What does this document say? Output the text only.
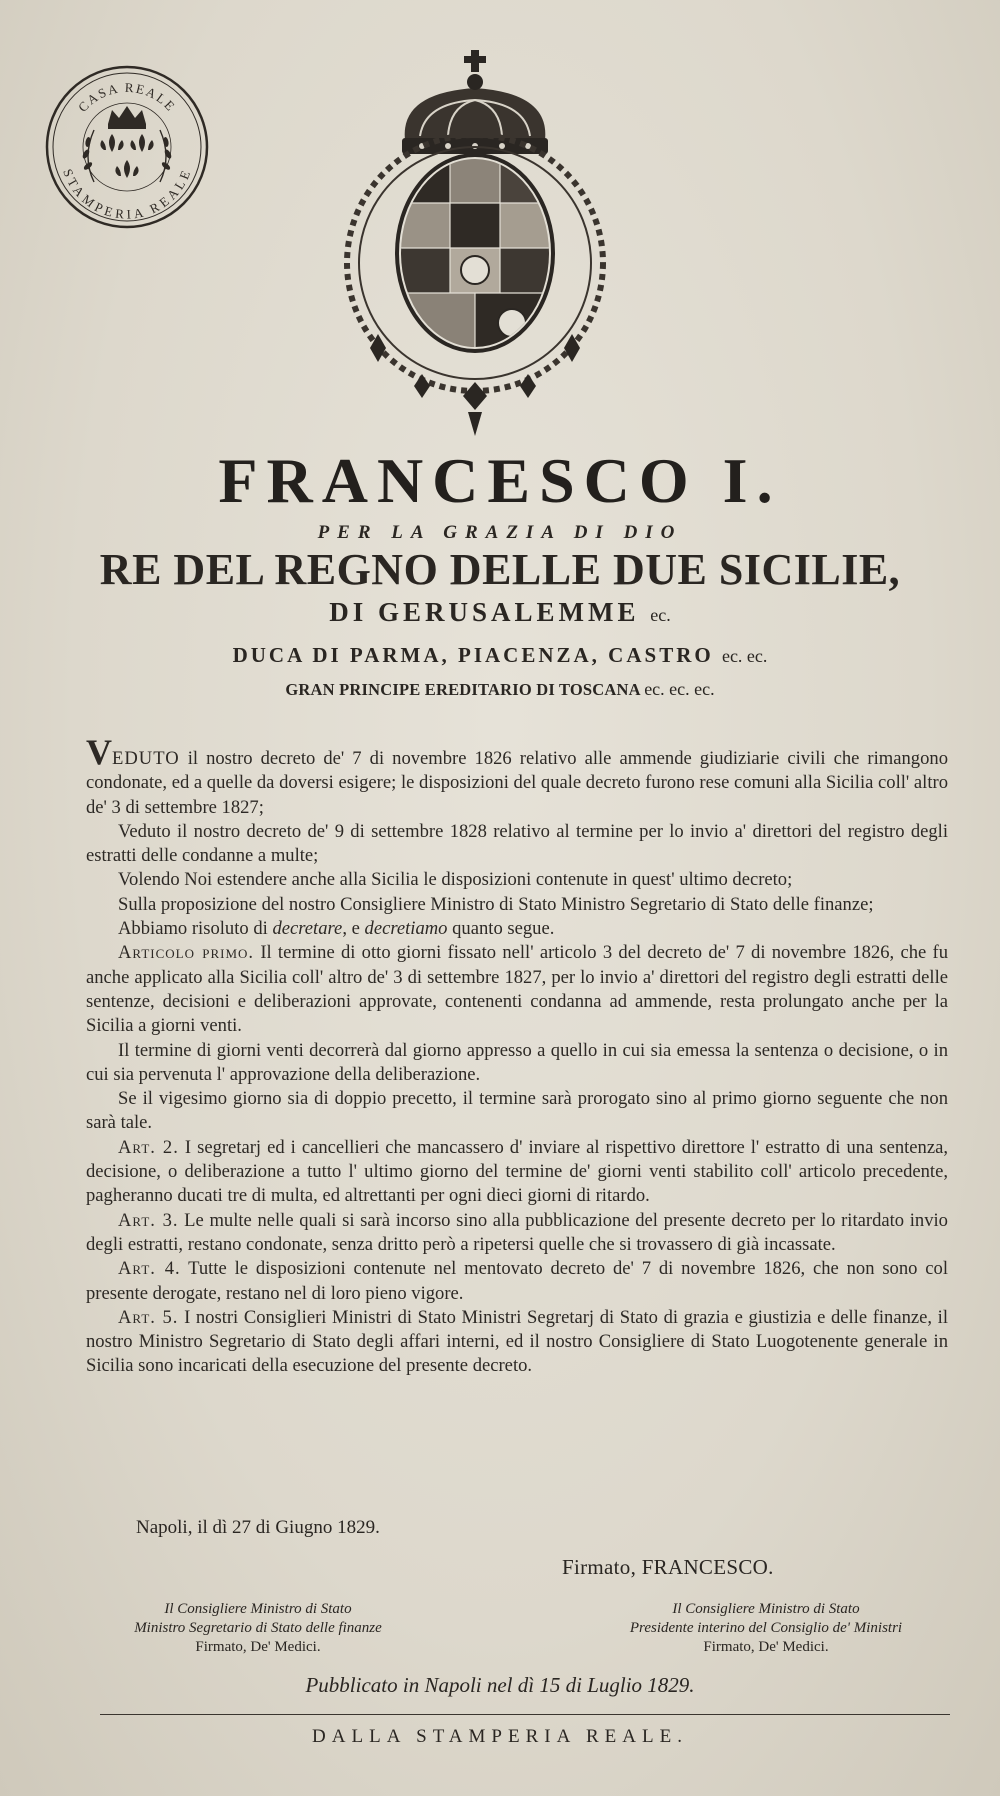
CASA REALE
STAMPERIA REALE
FRANCESCO I.
PER LA GRAZIA DI DIO
RE DEL REGNO DELLE DUE SICILIE,
DI GERUSALEMME ec.
DUCA DI PARMA, PIACENZA, CASTRO ec. ec.
GRAN PRINCIPE EREDITARIO DI TOSCANA ec. ec. ec.

VEDUTO il nostro decreto de' 7 di novembre 1826 relativo alle ammende giudiziarie civili che rimangono condonate, ed a quelle da doversi esigere; le disposizioni del quale decreto furono rese comuni alla Sicilia coll' altro de' 3 di settembre 1827;

Veduto il nostro decreto de' 9 di settembre 1828 relativo al termine per lo invio a' direttori del registro degli estratti delle condanne a multe;

Volendo Noi estendere anche alla Sicilia le disposizioni contenute in quest' ultimo decreto;

Sulla proposizione del nostro Consigliere Ministro di Stato Ministro Segretario di Stato delle finanze;

Abbiamo risoluto di decretare, e decretiamo quanto segue.

Articolo primo. Il termine di otto giorni fissato nell' articolo 3 del decreto de' 7 di novembre 1826, che fu anche applicato alla Sicilia coll' altro de' 3 di settembre 1827, per lo invio a' direttori del registro degli estratti delle sentenze, decisioni e deliberazioni approvate, contenenti condanna ad ammende, resta prolungato anche per la Sicilia a giorni venti.

Il termine di giorni venti decorrerà dal giorno appresso a quello in cui sia emessa la sentenza o decisione, o in cui sia pervenuta l' approvazione della deliberazione.

Se il vigesimo giorno sia di doppio precetto, il termine sarà prorogato sino al primo giorno seguente che non sarà tale.

Art. 2. I segretarj ed i cancellieri che mancassero d' inviare al rispettivo direttore l' estratto di una sentenza, decisione, o deliberazione a tutto l' ultimo giorno del termine de' giorni venti stabilito coll' articolo precedente, pagheranno ducati tre di multa, ed altrettanti per ogni dieci giorni di ritardo.

Art. 3. Le multe nelle quali si sarà incorso sino alla pubblicazione del presente decreto per lo ritardato invio degli estratti, restano condonate, senza dritto però a ripetersi quelle che si trovassero di già incassate.

Art. 4. Tutte le disposizioni contenute nel mentovato decreto de' 7 di novembre 1826, che non sono col presente derogate, restano nel di loro pieno vigore.

Art. 5. I nostri Consiglieri Ministri di Stato Ministri Segretarj di Stato di grazia e giustizia e delle finanze, il nostro Ministro Segretario di Stato degli affari interni, ed il nostro Consigliere di Stato Luogotenente generale in Sicilia sono incaricati della esecuzione del presente decreto.

Napoli, il dì 27 di Giugno 1829.
Firmato, FRANCESCO.
Il Consigliere Ministro di Stato
Ministro Segretario di Stato delle finanze
Firmato, De' Medici.
Il Consigliere Ministro di Stato
Presidente interino del Consiglio de' Ministri
Firmato, De' Medici.
Pubblicato in Napoli nel dì 15 di Luglio 1829.
DALLA STAMPERIA REALE.
